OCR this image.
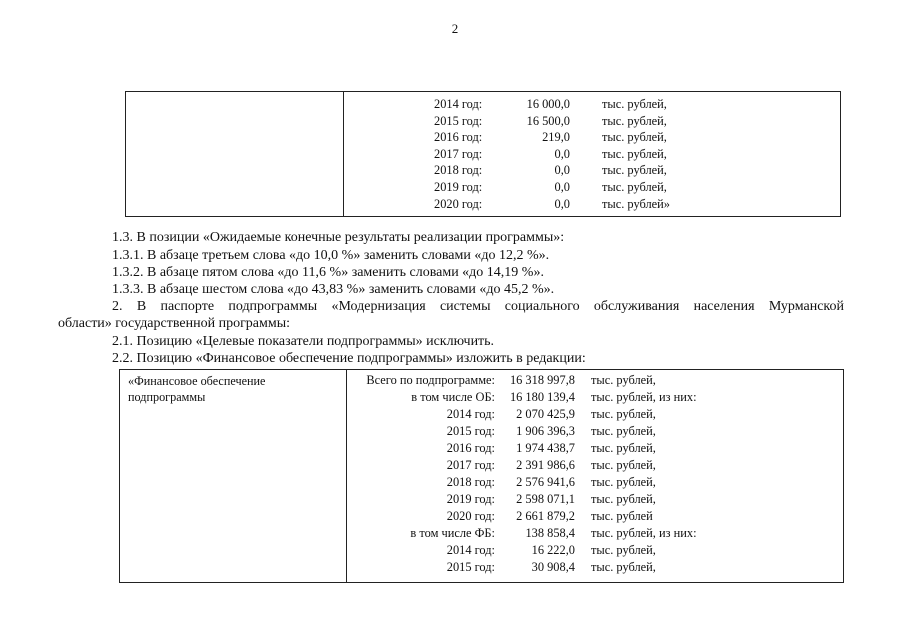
2
2014 год:	16 000,0	тыс. рублей,
2015 год:	16 500,0	тыс. рублей,
2016 год:	219,0	тыс. рублей,
2017 год:	0,0	тыс. рублей,
2018 год:	0,0	тыс. рублей,
2019 год:	0,0	тыс. рублей,
2020 год:	0,0	тыс. рублей»
1.3. В позиции «Ожидаемые конечные результаты реализации программы»:
1.3.1. В абзаце третьем слова «до 10,0 %» заменить словами «до 12,2 %».
1.3.2. В абзаце пятом слова «до 11,6 %» заменить словами «до 14,19 %».
1.3.3. В абзаце шестом слова «до 43,83 %» заменить словами «до 45,2 %».
2. В паспорте подпрограммы «Модернизация системы социального обслуживания населения Мурманской
области» государственной программы:
2.1. Позицию «Целевые показатели подпрограммы» исключить.
2.2. Позицию «Финансовое обеспечение подпрограммы» изложить в редакции:
«Финансовое обеспечение
подпрограммы
Всего по подпрограмме: 16 318 997,8 тыс. рублей,
в том числе ОБ: 16 180 139,4 тыс. рублей, из них:
2014 год: 2 070 425,9 тыс. рублей,
2015 год: 1 906 396,3 тыс. рублей,
2016 год: 1 974 438,7 тыс. рублей,
2017 год: 2 391 986,6 тыс. рублей,
2018 год: 2 576 941,6 тыс. рублей,
2019 год: 2 598 071,1 тыс. рублей,
2020 год: 2 661 879,2 тыс. рублей
в том числе ФБ: 138 858,4 тыс. рублей, из них:
2014 год:	16 222,0 тыс. рублей,
2015 год:	30 908,4 тыс. рублей,
